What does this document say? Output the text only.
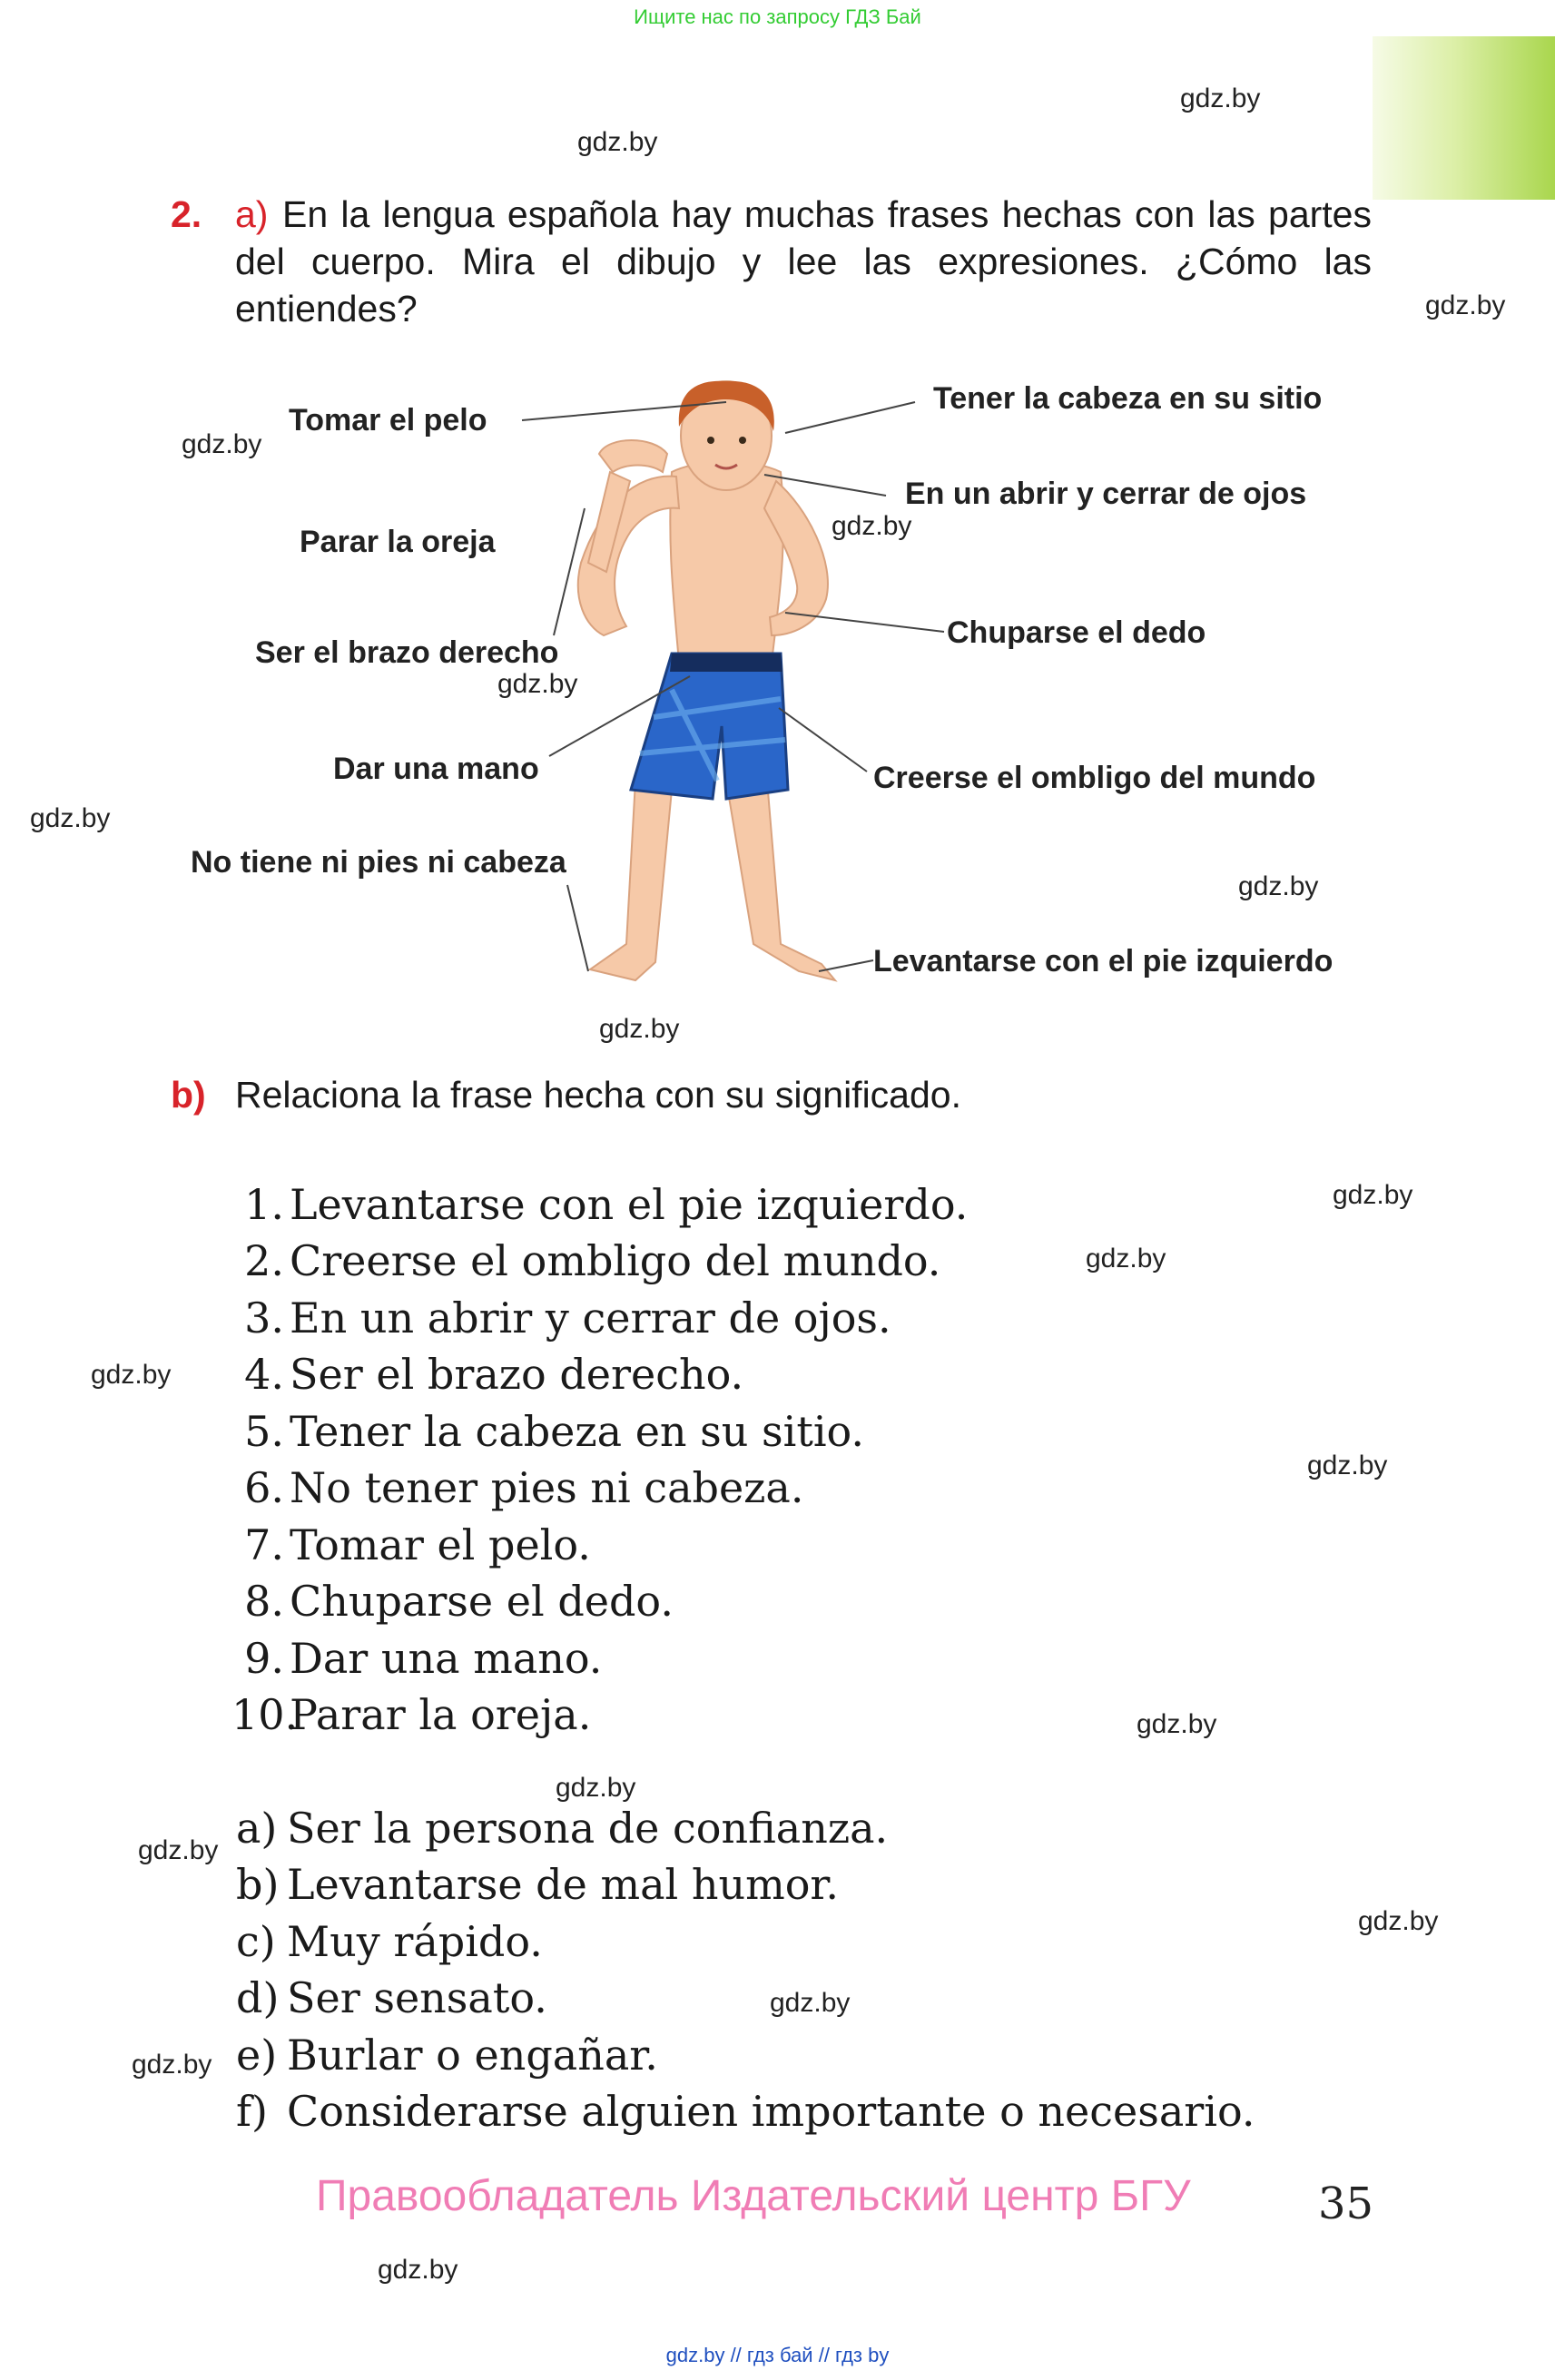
Ищите нас по запросу ГДЗ Бай
gdz.by
gdz.by
gdz.by
gdz.by
gdz.by
gdz.by
gdz.by
gdz.by
gdz.by
gdz.by
gdz.by
gdz.by
gdz.by
gdz.by
gdz.by
gdz.by
gdz.by
gdz.by
gdz.by
gdz.by
2. a) En la lengua española hay muchas frases hechas con las partes del cuerpo. Mira el dibujo y lee las expresiones. ¿Cómo las entiendes?
Tomar el pelo
Parar la oreja
Ser el brazo derecho
Dar una mano
No tiene ni pies ni cabeza
Tener la cabeza en su sitio
En un abrir y cerrar de ojos
Chuparse el dedo
Creerse el ombligo del mundo
Levantarse con el pie izquierdo
b) Relaciona la frase hecha con su significado.
1. Levantarse con el pie izquierdo.
2. Creerse el ombligo del mundo.
3. En un abrir y cerrar de ojos.
4. Ser el brazo derecho.
5. Tener la cabeza en su sitio.
6. No tener pies ni cabeza.
7. Tomar el pelo.
8. Chuparse el dedo.
9. Dar una mano.
10.Parar la oreja.
a) Ser la persona de confianza.
b) Levantarse de mal humor.
c) Muy rápido.
d) Ser sensato.
e) Burlar o engañar.
f) Considerarse alguien importante o necesario.
Правообладатель Издательский центр БГУ	35
gdz.by // гдз бай // гдз by
